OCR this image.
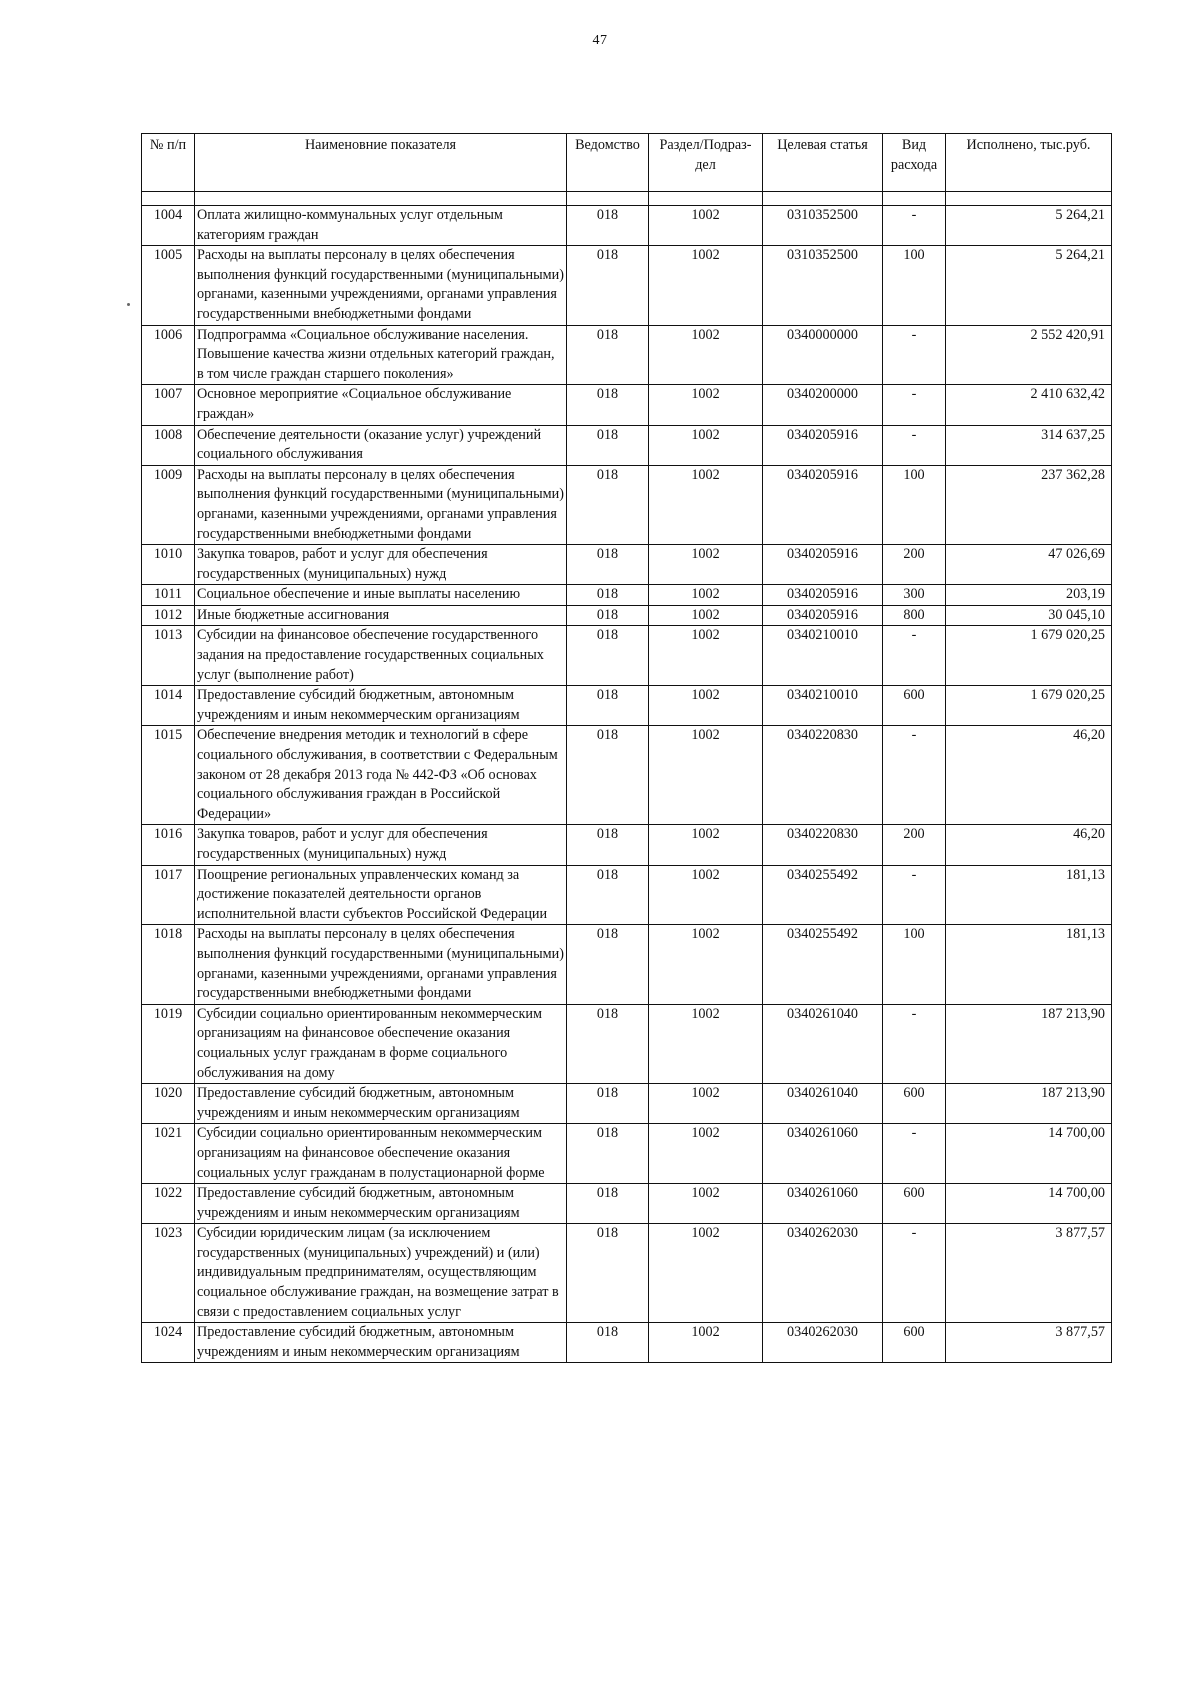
47
№ п/п	Наименовние показателя	Ведомство	Раздел/Подраз-дел	Целевая статья	Вид расхода	Исполнено, тыс.руб.

1004	Оплата жилищно-коммунальных услуг отдельным категориям граждан	018	1002	0310352500	-	5 264,21
1005	Расходы на выплаты персоналу в целях обеспечения выполнения функций государственными (муниципальными) органами, казенными учреждениями, органами управления государственными внебюджетными фондами	018	1002	0310352500	100	5 264,21
1006	Подпрограмма «Социальное обслуживание населения. Повышение качества жизни отдельных категорий граждан, в том числе граждан старшего поколения»	018	1002	0340000000	-	2 552 420,91
1007	Основное мероприятие «Социальное обслуживание граждан»	018	1002	0340200000	-	2 410 632,42
1008	Обеспечение деятельности (оказание услуг) учреждений социального обслуживания	018	1002	0340205916	-	314 637,25
1009	Расходы на выплаты персоналу в целях обеспечения выполнения функций государственными (муниципальными) органами, казенными учреждениями, органами управления государственными внебюджетными фондами	018	1002	0340205916	100	237 362,28
1010	Закупка товаров, работ и услуг для обеспечения государственных (муниципальных) нужд	018	1002	0340205916	200	47 026,69
1011	Социальное обеспечение и иные выплаты населению	018	1002	0340205916	300	203,19
1012	Иные бюджетные ассигнования	018	1002	0340205916	800	30 045,10
1013	Субсидии на финансовое обеспечение государственного задания на предоставление государственных социальных услуг (выполнение работ)	018	1002	0340210010	-	1 679 020,25
1014	Предоставление субсидий бюджетным, автономным учреждениям и иным некоммерческим организациям	018	1002	0340210010	600	1 679 020,25
1015	Обеспечение внедрения методик и технологий в сфере социального обслуживания, в соответствии с Федеральным законом от 28 декабря 2013 года № 442-ФЗ «Об основах социального обслуживания граждан в Российской Федерации»	018	1002	0340220830	-	46,20
1016	Закупка товаров, работ и услуг для обеспечения государственных (муниципальных) нужд	018	1002	0340220830	200	46,20
1017	Поощрение региональных управленческих команд за достижение показателей деятельности органов исполнительной власти субъектов Российской Федерации	018	1002	0340255492	-	181,13
1018	Расходы на выплаты персоналу в целях обеспечения выполнения функций государственными (муниципальными) органами, казенными учреждениями, органами управления государственными внебюджетными фондами	018	1002	0340255492	100	181,13
1019	Субсидии социально ориентированным некоммерческим организациям на финансовое обеспечение оказания социальных услуг гражданам в форме социального обслуживания на дому	018	1002	0340261040	-	187 213,90
1020	Предоставление субсидий бюджетным, автономным учреждениям и иным некоммерческим организациям	018	1002	0340261040	600	187 213,90
1021	Субсидии социально ориентированным некоммерческим организациям на финансовое обеспечение оказания социальных услуг гражданам в полустационарной форме	018	1002	0340261060	-	14 700,00
1022	Предоставление субсидий бюджетным, автономным учреждениям и иным некоммерческим организациям	018	1002	0340261060	600	14 700,00
1023	Субсидии юридическим лицам (за исключением государственных (муниципальных) учреждений) и (или) индивидуальным предпринимателям, осуществляющим социальное обслуживание граждан, на возмещение затрат в связи с предоставлением социальных услуг	018	1002	0340262030	-	3 877,57
1024	Предоставление субсидий бюджетным, автономным учреждениям и иным некоммерческим организациям	018	1002	0340262030	600	3 877,57
